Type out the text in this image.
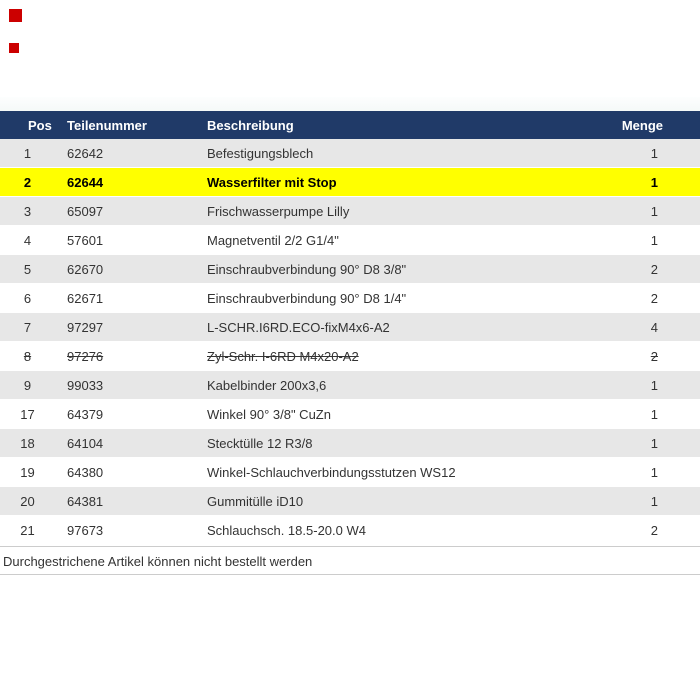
Pos	Teilenummer	Beschreibung	Menge
1	62642	Befestigungsblech	1
2	62644	Wasserfilter mit Stop	1
3	65097	Frischwasserpumpe Lilly	1
4	57601	Magnetventil 2/2 G1/4"	1
5	62670	Einschraubverbindung 90° D8 3/8"	2
6	62671	Einschraubverbindung 90° D8 1/4"	2
7	97297	L-SCHR.I6RD.ECO-fixM4x6-A2	4
8	97276	Zyl-Schr. I-6RD M4x20-A2	2
9	99033	Kabelbinder 200x3,6	1
17	64379	Winkel 90° 3/8" CuZn	1
18	64104	Stecktülle 12 R3/8	1
19	64380	Winkel-Schlauchverbindungsstutzen WS12	1
20	64381	Gummitülle iD10	1
21	97673	Schlauchsch. 18.5-20.0 W4	2
Durchgestrichene Artikel können nicht bestellt werden
